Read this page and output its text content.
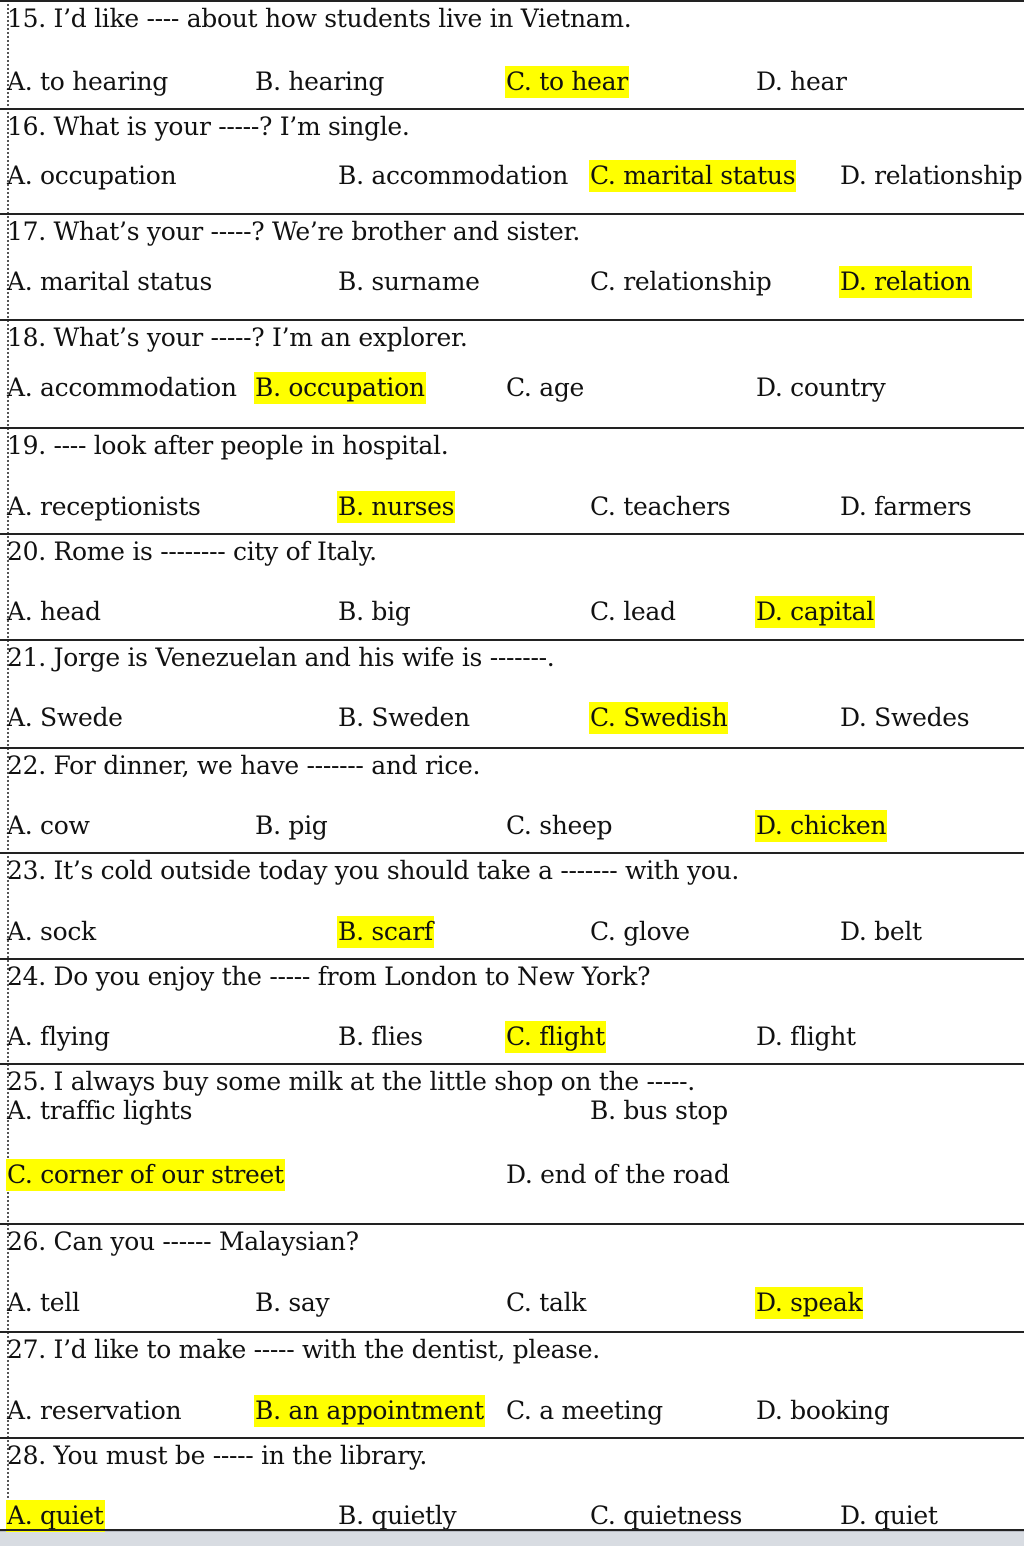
15. I’d like ---- about how students live in Vietnam.
A. to hearing	B. hearing	C. to hear	D. hear
16. What is your -----? I’m single.
A. occupation	B. accommodation C. marital status D. relationship
17. What’s your -----? We’re brother and sister.
A. marital status	B. surname	C. relationship	D. relation
18. What’s your -----? I’m an explorer.
A. accommodation B. occupation	C. age	D. country
19. ---- look after people in hospital.
A. receptionists	B. nurses	C. teachers	D. farmers
20. Rome is -------- city of Italy.
A. head	B. big	C. lead	D. capital
21. Jorge is Venezuelan and his wife is -------.
A. Swede	B. Sweden	C. Swedish	D. Swedes
22. For dinner, we have ------- and rice.
A. cow	B. pig	C. sheep	D. chicken
23. It’s cold outside today you should take a ------- with you.
A. sock	B. scarf	C. glove	D. belt
24. Do you enjoy the ----- from London to New York?
A. flying	B. flies	C. flight	D. flight
25. I always buy some milk at the little shop on the -----.
A. traffic lights	B. bus stop
C. corner of our street	D. end of the road
26. Can you ------ Malaysian?
A. tell	B. say	C. talk	D. speak
27. I’d like to make ----- with the dentist, please.
A. reservation	B. an appointment C. a meeting	D. booking
28. You must be ----- in the library.
A. quiet	B. quietly	C. quietness	D. quiet
